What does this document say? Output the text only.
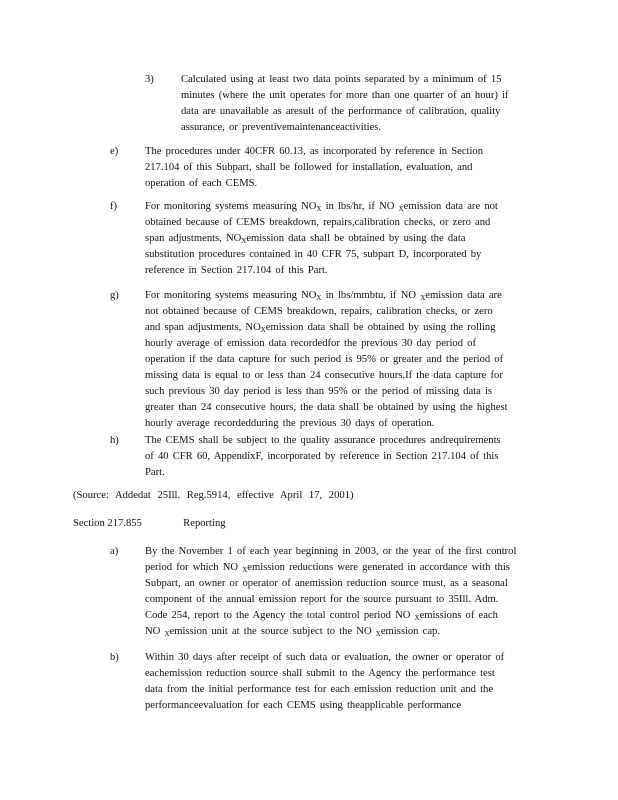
3)	Calculated using at least two data points separated by a minimum of 15
minutes (where the unit operates for more than one quarter of an hour) if
data are unavailable as aresult of the performance of calibration, quality
assurance, or preventivemaintenanceactivities.
e)	The procedures under 40CFR 60.13, as incorporated by reference in Section
217.104 of this Subpart, shall be followed for installation, evaluation, and
operation of each CEMS.
f)	For monitoring systems measuring $NO_X$ in lbs/hr, if NO $_X$emission data are not
obtained because of CEMS breakdown, repairs,calibration checks, or zero and
span adjustments, $NO_Xemission$ data shall be obtained by using the data
substitution procedures contained in 40 CFR 75, subpart D, incorporated by
reference in Section 217.104 of this Part.
g) For monitoring systems measuring $NO_X$ in lbs/mmbtu, if NO $_X$emission data are
not obtained because of CEMS breakdown, repairs, calibration checks, or zero
and span adjustments, $NO_Xemission$ data shall be obtained by using the rolling
hourly average of emission data recordedfor the previous 30 day period of
operation if the data capture for such period is 95% or greater and the period of
missing data is equal to or less than 24 consecutive hours.If the data capture for
such previous 30 day period is less than 95% or the period of missing data is
greater than 24 consecutive hours, the data shall be obtained by using the highest
hourly average recordedduring the previous 30 days of operation.
h) The CEMS shall be subject to the quality assurance procedures andrequirements
of 40 CFR 60, AppendixF, incorporated by reference in Section 217.104 of this
Part.
(Source: Addedat 25Ill. Reg.5914, effective April 17, 2001)
Section 217.855	Reporting
a)	By the November 1 of each year beginning in 2003, or the year of the first control
period for which NO $_X$emission reductions were generated in accordance with this
Subpart, an owner or operator of anemission reduction source must, as a seasonal
component of the annual emission report for the source pursuant to 35Ill. Adm.
Code 254, report to the Agency the total control period NO $_X$emissions of each
NO $_X$emission unit at the source subject to the NO $_X$emission cap.
b) Within 30 days after receipt of such data or evaluation, the owner or operator of
eachemission reduction source shall submit to the Agency the performance test
data from the initial performance test for each emission reduction unit and the
performanceevaluation for each CEMS using theapplicable performance
